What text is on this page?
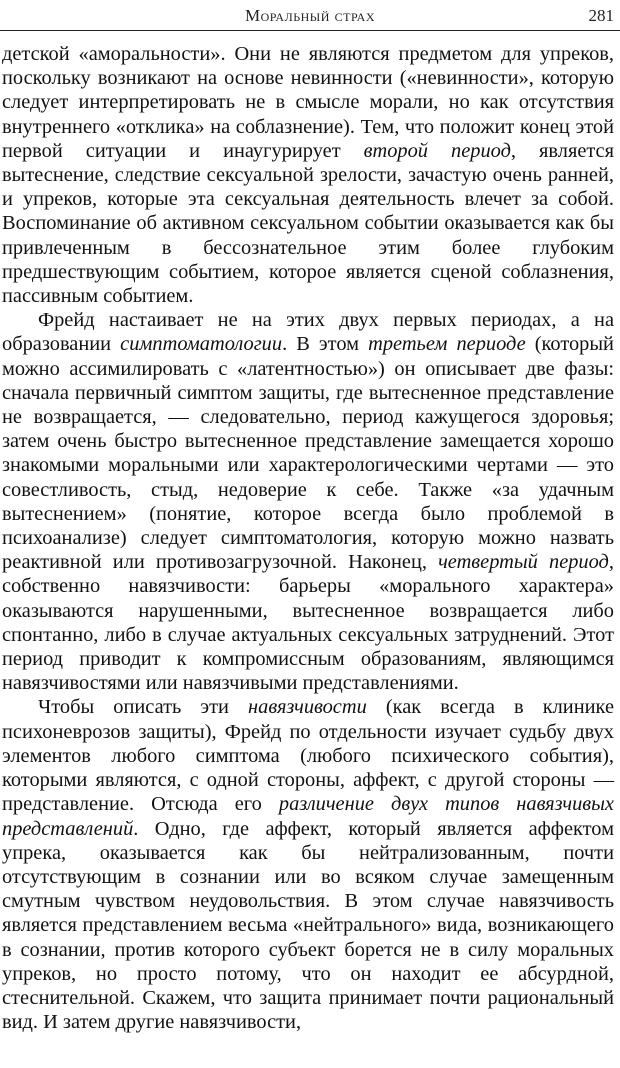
Моральный страх	281

детской «аморальности». Они не являются предметом для упреков, поскольку возникают на основе невинности («невинности», которую следует интерпретировать не в смысле морали, но как отсутствия внутреннего «отклика» на соблазнение). Тем, что положит конец этой первой ситуации и инаугурирует второй период, является вытеснение, следствие сексуальной зрелости, зачастую очень ранней, и упреков, которые эта сексуальная деятельность влечет за собой. Воспоминание об активном сексуальном событии оказывается как бы привлеченным в бессознательное этим более глубоким предшествующим событием, которое является сценой соблазнения, пассивным событием.

Фрейд настаивает не на этих двух первых периодах, а на образовании симптоматологии. В этом третьем периоде (который можно ассимилировать с «латентностью») он описывает две фазы: сначала первичный симптом защиты, где вытесненное представление не возвращается, — следовательно, период кажущегося здоровья; затем очень быстро вытесненное представление замещается хорошо знакомыми моральными или характерологическими чертами — это совестливость, стыд, недоверие к себе. Также «за удачным вытеснением» (понятие, которое всегда было проблемой в психоанализе) следует симптоматология, которую можно назвать реактивной или противозагрузочной. Наконец, четвертый период, собственно навязчивости: барьеры «морального характера» оказываются нарушенными, вытесненное возвращается либо спонтанно, либо в случае актуальных сексуальных затруднений. Этот период приводит к компромиссным образованиям, являющимся навязчивостями или навязчивыми представлениями.

Чтобы описать эти навязчивости (как всегда в клинике психоневрозов защиты), Фрейд по отдельности изучает судьбу двух элементов любого симптома (любого психического события), которыми являются, с одной стороны, аффект, с другой стороны — представление. Отсюда его различение двух типов навязчивых представлений. Одно, где аффект, который является аффектом упрека, оказывается как бы нейтрализованным, почти отсутствующим в сознании или во всяком случае замещенным смутным чувством неудовольствия. В этом случае навязчивость является представлением весьма «нейтрального» вида, возникающего в сознании, против которого субъект борется не в силу моральных упреков, но просто потому, что он находит ее абсурдной, стеснительной. Скажем, что защита принимает почти рациональный вид. И затем другие навязчивости,
